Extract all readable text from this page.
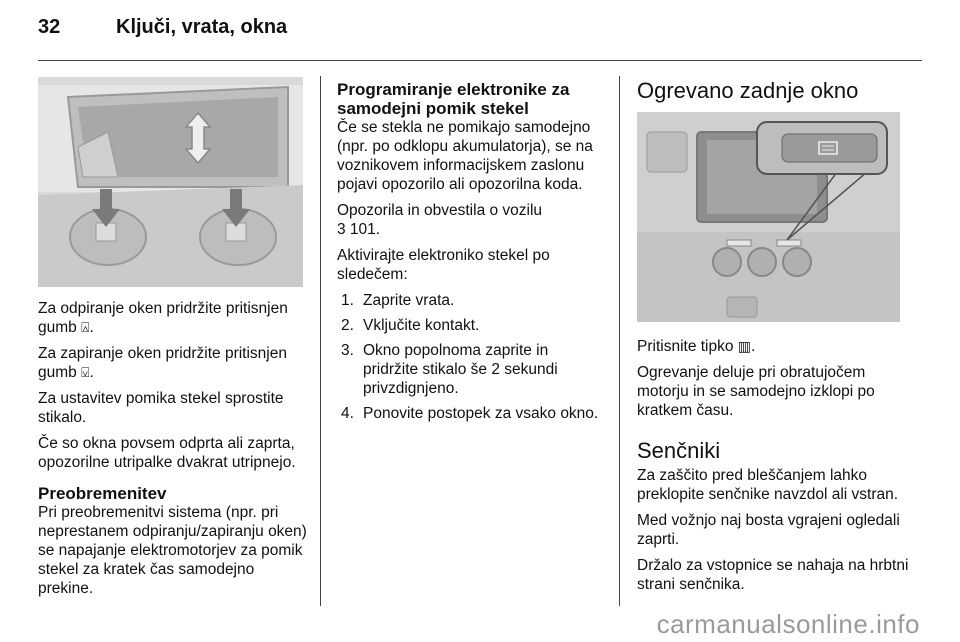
32	Ključi, vrata, okna

Za odpiranje oken pridržite pritisnjen gumb ⍓.

Za zapiranje oken pridržite pritisnjen gumb ⍌.

Za ustavitev pomika stekel sprostite stikalo.

Če so okna povsem odprta ali zaprta, opozorilne utripalke dvakrat utripnejo.

Preobremenitev

Pri preobremenitvi sistema (npr. pri neprestanem odpiranju/zapiranju oken) se napajanje elektromotorjev za pomik stekel za kratek čas samodejno prekine.

Programiranje elektronike za samodejni pomik stekel

Če se stekla ne pomikajo samodejno (npr. po odklopu akumulatorja), se na voznikovem informacijskem zaslonu pojavi opozorilo ali opozorilna koda.

Opozorila in obvestila o vozilu
3 101.

Aktivirajte elektroniko stekel po sledečem:

1. Zaprite vrata.
2. Vključite kontakt.
3. Okno popolnoma zaprite in pridržite stikalo še 2 sekundi privzdignjeno.
4. Ponovite postopek za vsako okno.
Ogrevano zadnje okno

Pritisnite tipko ▥.

Ogrevanje deluje pri obratujočem motorju in se samodejno izklopi po kratkem času.

Senčniki

Za zaščito pred bleščanjem lahko preklopite senčnike navzdol ali vstran.

Med vožnjo naj bosta vgrajeni ogledali zaprti.

Držalo za vstopnice se nahaja na hrbtni strani senčnika.

carmanualsonline.info
